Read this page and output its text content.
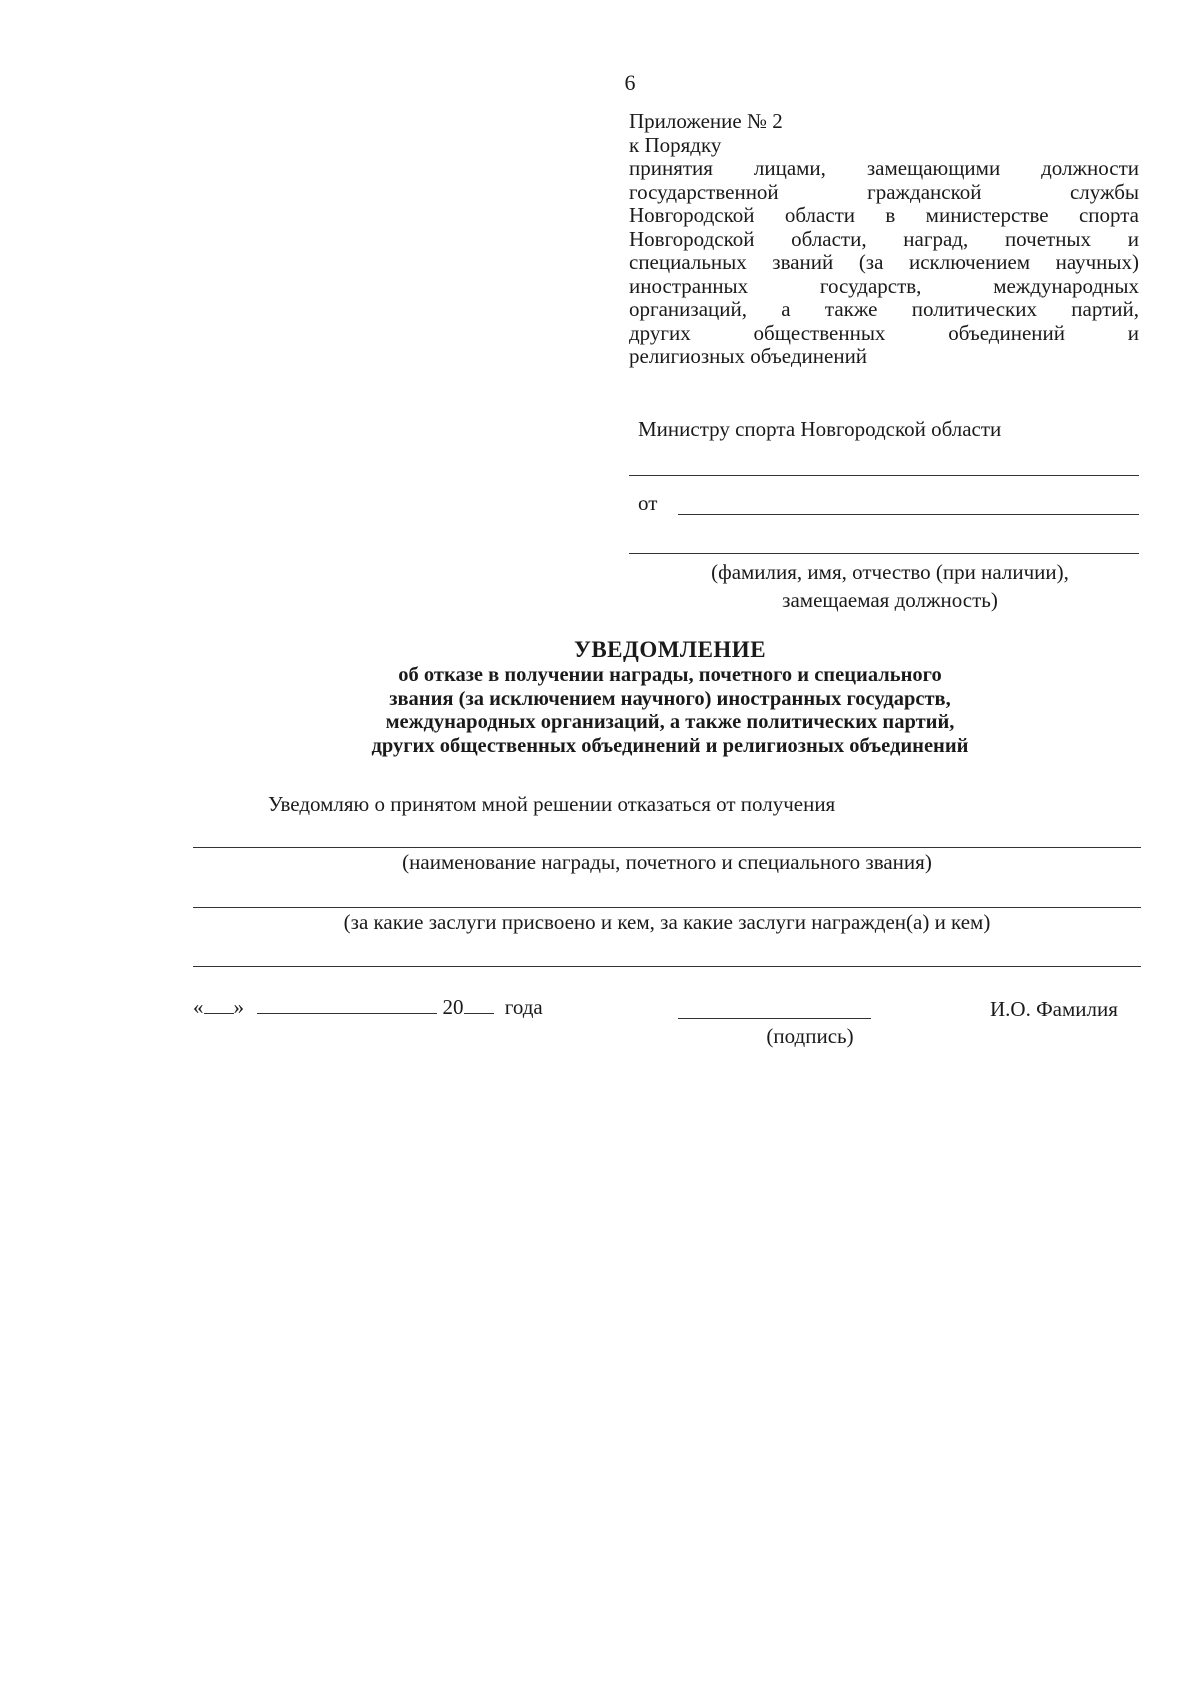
6
Приложение № 2
к Порядку
принятия лицами, замещающими должности
государственной гражданской службы
Новгородской области в министерстве спорта
Новгородской области, наград, почетных и
специальных званий (за исключением научных)
иностранных государств, международных
организаций, а также политических партий,
других общественных объединений и
религиозных объединений
Министру спорта Новгородской области
от
(фамилия, имя, отчество (при наличии),
замещаемая должность)
УВЕДОМЛЕНИЕ
об отказе в получении награды, почетного и специального
звания (за исключением научного) иностранных государств,
международных организаций, а также политических партий,
других общественных объединений и религиозных объединений
Уведомляю о принятом мной решении отказаться от получения
(наименование награды, почетного и специального звания)
(за какие заслуги присвоено и кем, за какие заслуги награжден(а) и кем)
« »	20 года
(подпись)
И.О. Фамилия
